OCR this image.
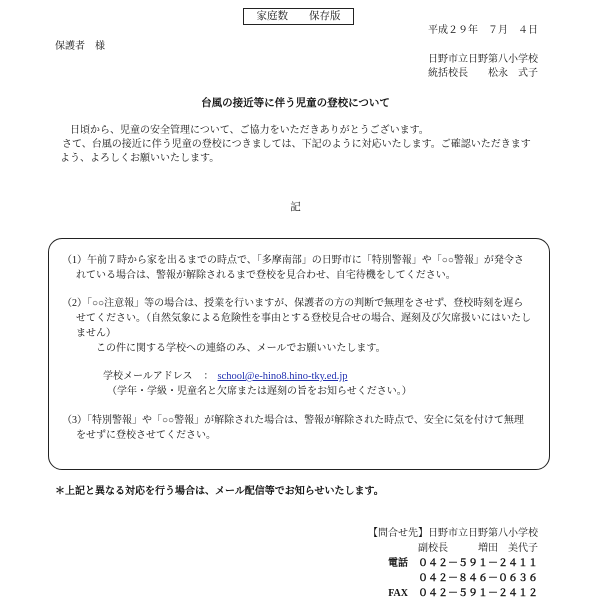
家庭数　　保存版
平成２９年　７月　４日
保護者　様
日野市立日野第八小学校
統括校長　　松永　式子
台風の接近等に伴う児童の登校について
日頃から、児童の安全管理について、ご協力をいただきありがとうございます。
さて、台風の接近に伴う児童の登校につきましては、下記のように対応いたします。ご確認いただきます
よう、よろしくお願いいたします。
記
（1）午前７時から家を出るまでの時点で、「多摩南部」の日野市に「特別警報」や「○○警報」が発令さ
れている場合は、警報が解除されるまで登校を見合わせ、自宅待機をしてください。
（2）「○○注意報」等の場合は、授業を行いますが、保護者の方の判断で無理をさせず、登校時刻を遅ら
せてください。（自然気象による危険性を事由とする登校見合せの場合、遅刻及び欠席扱いにはいたし
ません）
この件に関する学校への連絡のみ、メールでお願いいたします。
学校メールアドレス ： school@e-hino8.hino-tky.ed.jp
（学年・学級・児童名と欠席または遅刻の旨をお知らせください。）
（3）「特別警報」や「○○警報」が解除された場合は、警報が解除された時点で、安全に気を付けて無理
をせずに登校させてください。
＊上記と異なる対応を行う場合は、メール配信等でお知らせいたします。
【問合せ先】日野市立日野第八小学校
副校長　　　増田　美代子
電話　０４２－５９１－２４１１
０４２－８４６－０６３６
FAX　０４２－５９１－２４１２
